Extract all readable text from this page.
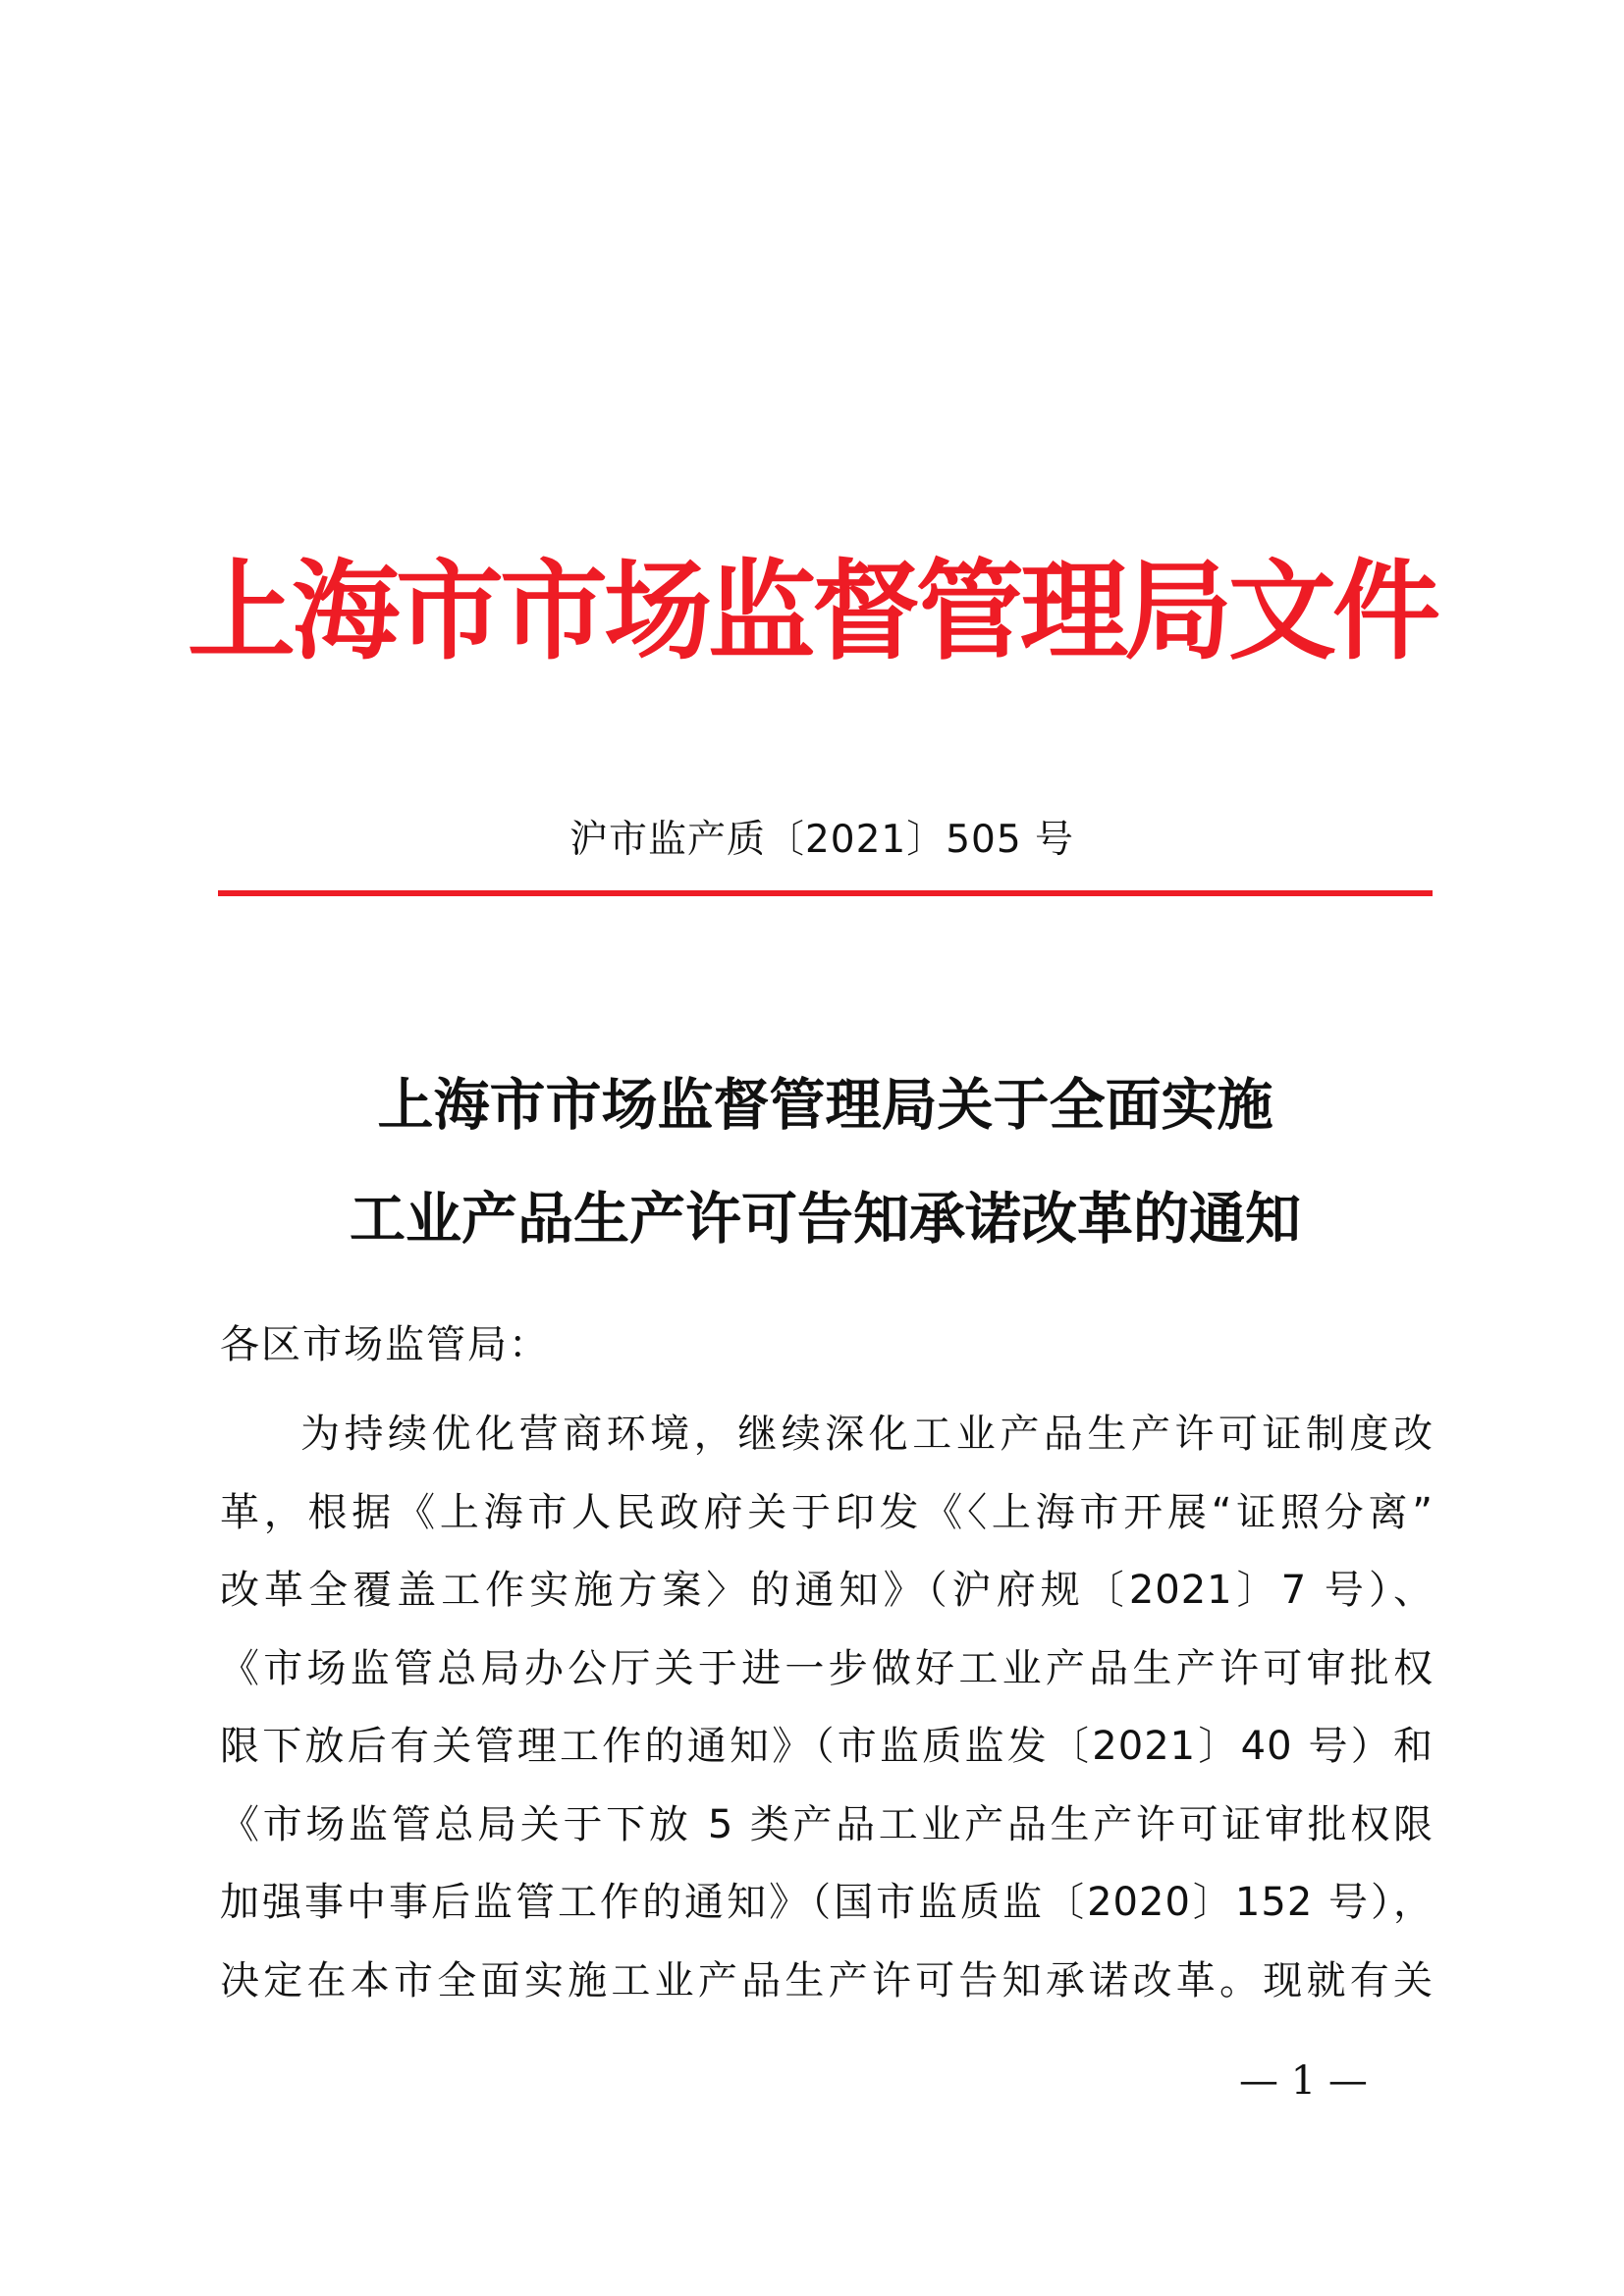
上海市市场监督管理局文件
沪市监产质〔2021〕505 号
上海市市场监督管理局关于全面实施
工业产品生产许可告知承诺改革的通知
各区市场监管局：
为持续优化营商环境，继续深化工业产品生产许可证制度改
革，根据《上海市人民政府关于印发《〈上海市开展“证照分离”
改革全覆盖工作实施方案〉的通知》（沪府规〔2021〕7 号）、
《市场监管总局办公厅关于进一步做好工业产品生产许可审批权
限下放后有关管理工作的通知》（市监质监发〔2021〕40 号）和
《市场监管总局关于下放 5 类产品工业产品生产许可证审批权限
加强事中事后监管工作的通知》（国市监质监〔2020〕152 号），
决定在本市全面实施工业产品生产许可告知承诺改革。现就有关
— 1 —
